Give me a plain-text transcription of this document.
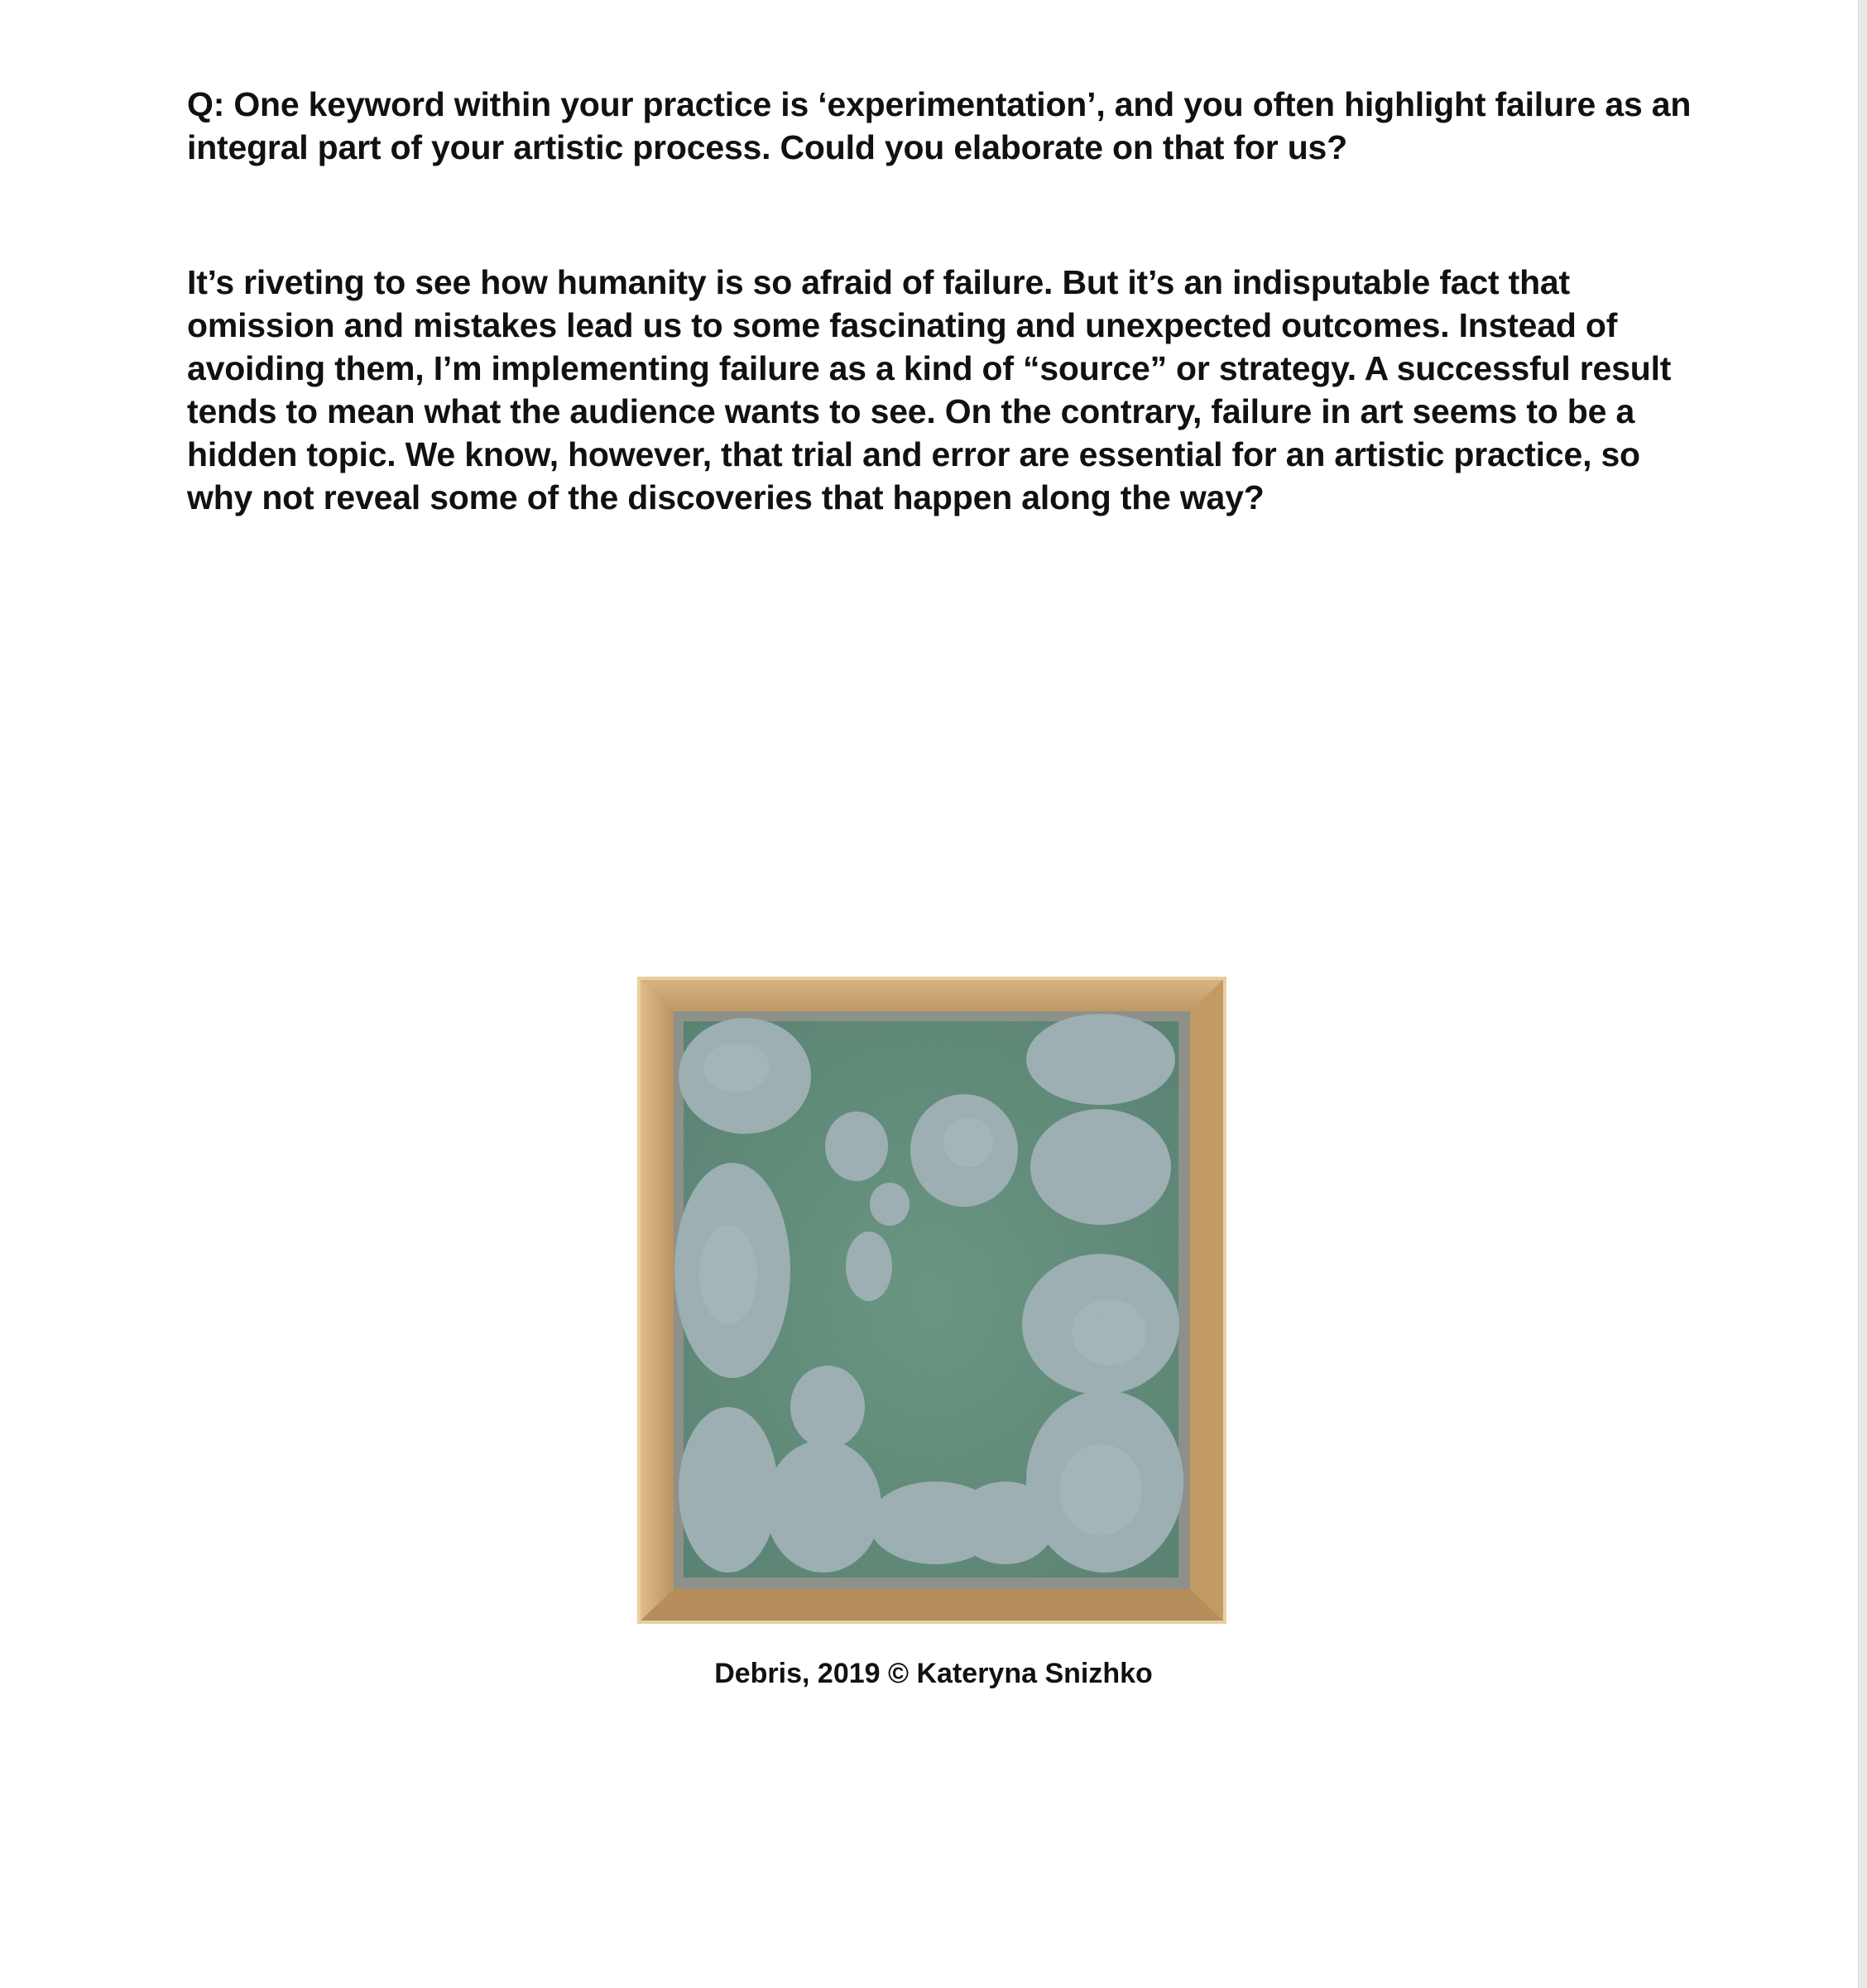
Q: One keyword within your practice is ‘experimentation’, and you often highlight failure as an integral part of your artistic process. Could you elaborate on that for us?

It’s riveting to see how humanity is so afraid of failure. But it’s an indisputable fact that omission and mistakes lead us to some fascinating and unexpected outcomes. Instead of avoiding them, I’m implementing failure as a kind of “source” or strategy. A successful result tends to mean what the audience wants to see. On the contrary, failure in art seems to be a hidden topic. We know, however, that trial and error are essential for an artistic practice, so why not reveal some of the discoveries that happen along the way?

Debris, 2019 © Kateryna Snizhko
